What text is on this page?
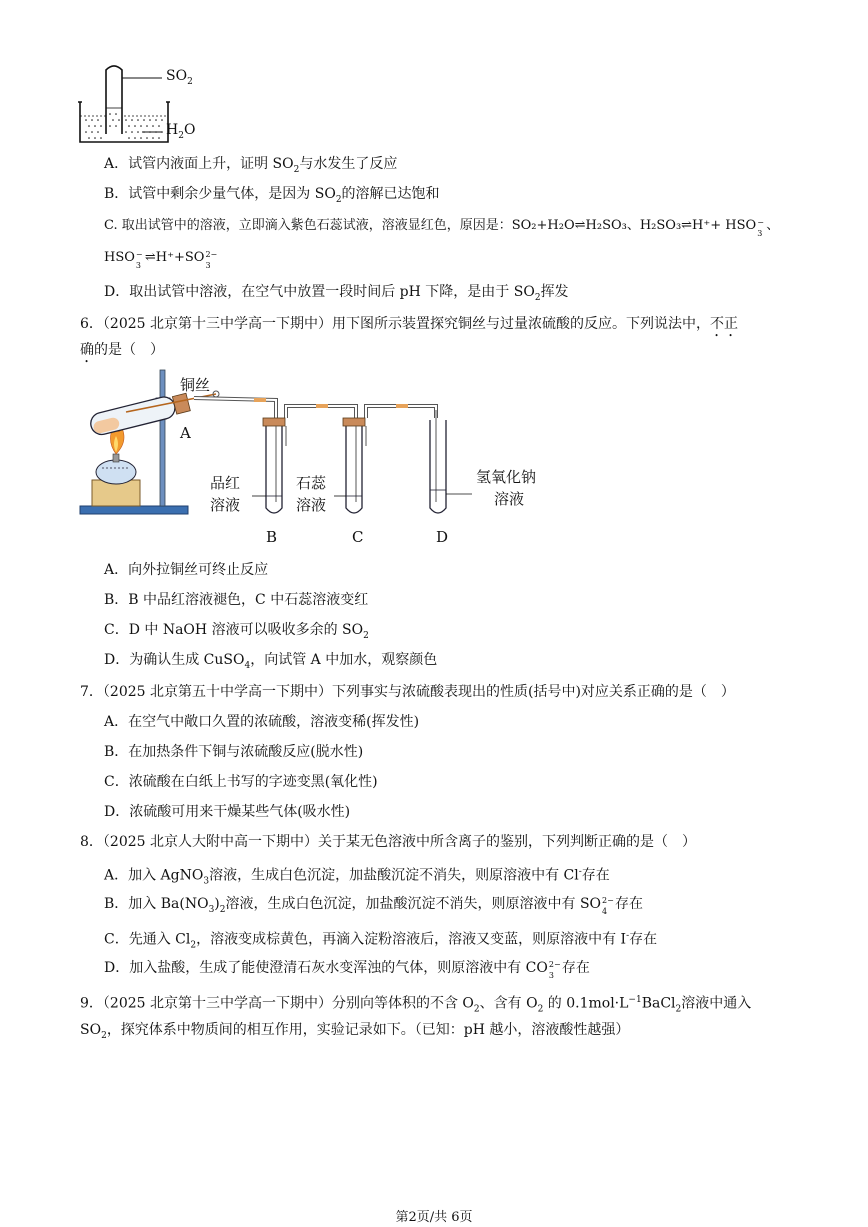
$SO_2$
$H_2O$
A．试管内液面上升，证明 $SO_2$与水发生了反应
B．试管中剩余少量气体，是因为 $SO_2$的溶解已达饱和
C. 取出试管中的溶液，立即滴入紫色石蕊试液，溶液显红色，原因是：SO₂+H₂O⇌H₂SO₃、H₂SO₃⇌H⁺+ HSO −
3 、
HSO −
3 ⇌H⁺+SO 2−
3
D．取出试管中溶液，在空气中放置一段时间后 pH 下降，是由于 $SO_2$挥发
6．（2025 北京第十三中学高一下期中）用下图所示装置探究铜丝与过量浓硫酸的反应。下列说法中，不正
确的是（　）
铜丝
A
品红
溶液
石蕊
溶液
氢氧化钠
溶液
B	C	D
A．向外拉铜丝可终止反应
B．B 中品红溶液褪色，C 中石蕊溶液变红
C．D 中 NaOH 溶液可以吸收多余的 $SO_2$
D．为确认生成 CuSO$_4$，向试管 A 中加水，观察颜色
7．（2025 北京第五十中学高一下期中）下列事实与浓硫酸表现出的性质(括号中)对应关系正确的是（　）
A．在空气中敞口久置的浓硫酸，溶液变稀(挥发性)
B．在加热条件下铜与浓硫酸反应(脱水性)
C．浓硫酸在白纸上书写的字迹变黑(氧化性)
D．浓硫酸可用来干燥某些气体(吸水性)
8．（2025 北京人大附中高一下期中）关于某无色溶液中所含离子的鉴别，下列判断正确的是（　）
A．加入 AgNO$_3$溶液，生成白色沉淀，加盐酸沉淀不消失，则原溶液中有 Cl-存在
B．加入 $Ba(NO_3)_2$溶液，生成白色沉淀，加盐酸沉淀不消失，则原溶液中有 SO 2−
4 存在
C．先通入 $Cl_2$，溶液变成棕黄色，再滴入淀粉溶液后，溶液又变蓝，则原溶液中有 I-存在
D．加入盐酸，生成了能使澄清石灰水变浑浊的气体，则原溶液中有 CO 2−
3 存在
9．（2025 北京第十三中学高一下期中）分别向等体积的不含 $O_2$、含有 $O_2$ 的 $0.1mol\cdot L^{-1}BaCl_2$溶液中通入
$SO_2$，探究体系中物质间的相互作用，实验记录如下。（已知：pH 越小，溶液酸性越强）
第2页/共 6页
